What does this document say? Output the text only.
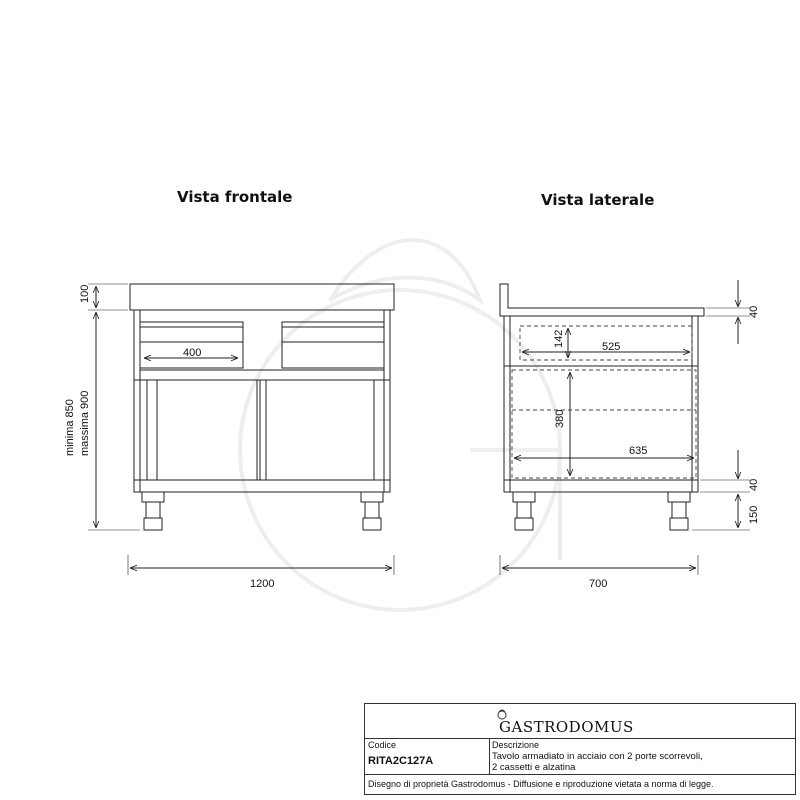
Vista frontale	Vista laterale
400
100
minima 850 massima 900
1200
142	525
380
635
40
40
150
700
GASTRODOMUS
Codice
RITA2C127A
Descrizione
Tavolo armadiato in acciaio con 2 porte scorrevoli,
2 cassetti e alzatina
Disegno di proprietà Gastrodomus - Diffusione e riproduzione vietata a norma di legge.
